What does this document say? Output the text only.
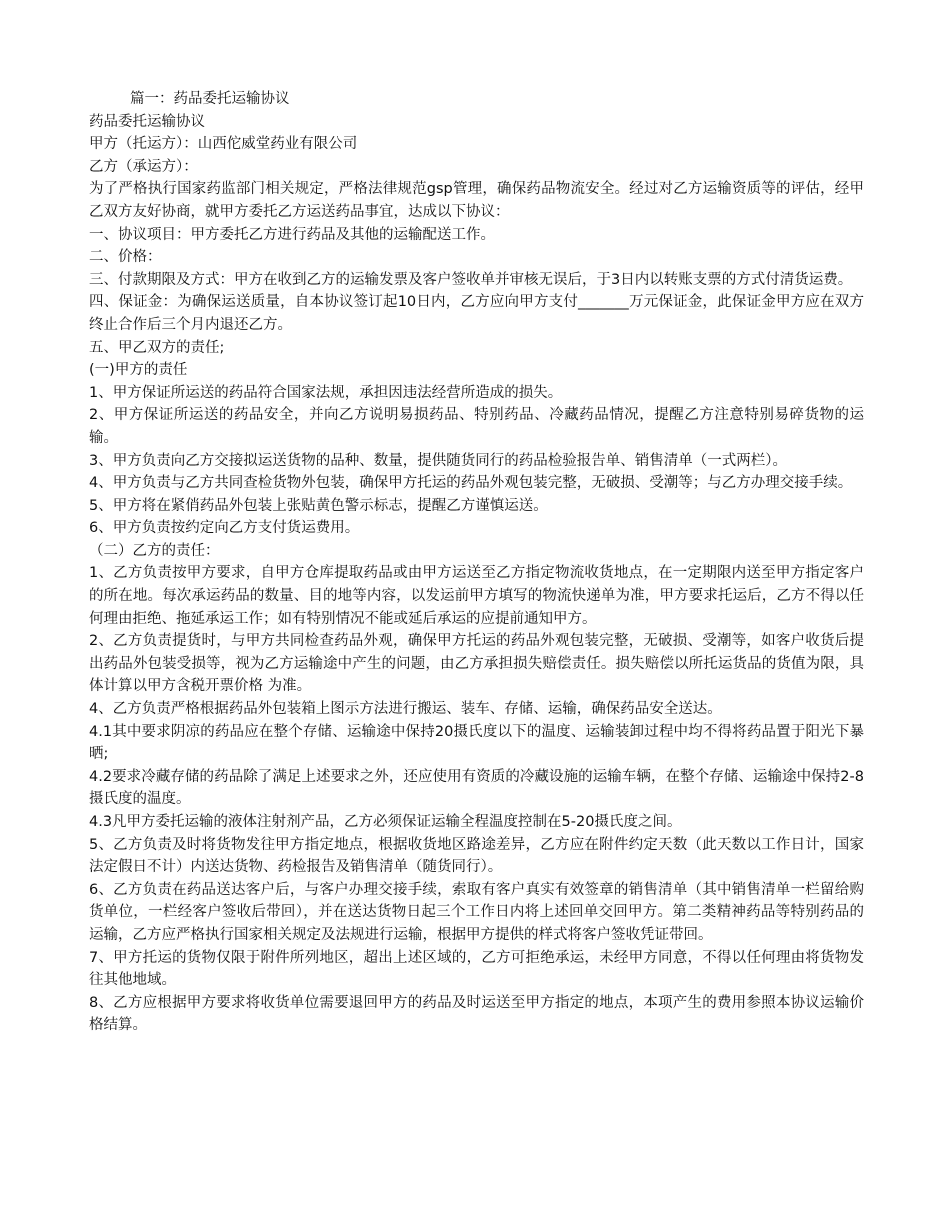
篇一：药品委托运输协议

药品委托运输协议

甲方（托运方）：山西佗威堂药业有限公司

乙方（承运方）：

为了严格执行国家药监部门相关规定，严格法律规范gsp管理，确保药品物流安全。经过对乙方运输资质等的评估，经甲乙双方友好协商，就甲方委托乙方运送药品事宜，达成以下协议：

一、协议项目：甲方委托乙方进行药品及其他的运输配送工作。

二、价格：

三、付款期限及方式：甲方在收到乙方的运输发票及客户签收单并审核无误后，于3日内以转账支票的方式付清货运费。

四、保证金：为确保运送质量，自本协议签订起10日内，乙方应向甲方支付_______万元保证金，此保证金甲方应在双方终止合作后三个月内退还乙方。

五、甲乙双方的责任;

(一)甲方的责任

1、甲方保证所运送的药品符合国家法规，承担因违法经营所造成的损失。

2、甲方保证所运送的药品安全，并向乙方说明易损药品、特别药品、冷藏药品情况，提醒乙方注意特别易碎货物的运输。

3、甲方负责向乙方交接拟运送货物的品种、数量，提供随货同行的药品检验报告单、销售清单（一式两栏）。

4、甲方负责与乙方共同查检货物外包装，确保甲方托运的药品外观包装完整，无破损、受潮等；与乙方办理交接手续。

5、甲方将在紧俏药品外包装上张贴黄色警示标志，提醒乙方谨慎运送。

6、甲方负责按约定向乙方支付货运费用。

（二）乙方的责任：

1、乙方负责按甲方要求，自甲方仓库提取药品或由甲方运送至乙方指定物流收货地点，在一定期限内送至甲方指定客户的所在地。每次承运药品的数量、目的地等内容，以发运前甲方填写的物流快递单为准，甲方要求托运后，乙方不得以任何理由拒绝、拖延承运工作；如有特别情况不能或延后承运的应提前通知甲方。

2、乙方负责提货时，与甲方共同检查药品外观，确保甲方托运的药品外观包装完整，无破损、受潮等，如客户收货后提出药品外包装受损等，视为乙方运输途中产生的问题，由乙方承担损失赔偿责任。损失赔偿以所托运货品的货值为限，具体计算以甲方含税开票价格 为准。

4、乙方负责严格根据药品外包装箱上图示方法进行搬运、装车、存储、运输，确保药品安全送达。

4.1其中要求阴凉的药品应在整个存储、运输途中保持20摄氏度以下的温度、运输装卸过程中均不得将药品置于阳光下暴晒;

4.2要求冷藏存储的药品除了满足上述要求之外，还应使用有资质的冷藏设施的运输车辆，在整个存储、运输途中保持2-8摄氏度的温度。

4.3凡甲方委托运输的液体注射剂产品，乙方必须保证运输全程温度控制在5-20摄氏度之间。

5、乙方负责及时将货物发往甲方指定地点，根据收货地区路途差异，乙方应在附件约定天数（此天数以工作日计，国家法定假日不计）内送达货物、药检报告及销售清单（随货同行）。

6、乙方负责在药品送达客户后，与客户办理交接手续，索取有客户真实有效签章的销售清单（其中销售清单一栏留给购货单位，一栏经客户签收后带回），并在送达货物日起三个工作日内将上述回单交回甲方。第二类精神药品等特别药品的运输，乙方应严格执行国家相关规定及法规进行运输，根据甲方提供的样式将客户签收凭证带回。

7、甲方托运的货物仅限于附件所列地区，超出上述区域的，乙方可拒绝承运，未经甲方同意，不得以任何理由将货物发往其他地域。

8、乙方应根据甲方要求将收货单位需要退回甲方的药品及时运送至甲方指定的地点，本项产生的费用参照本协议运输价格结算。
